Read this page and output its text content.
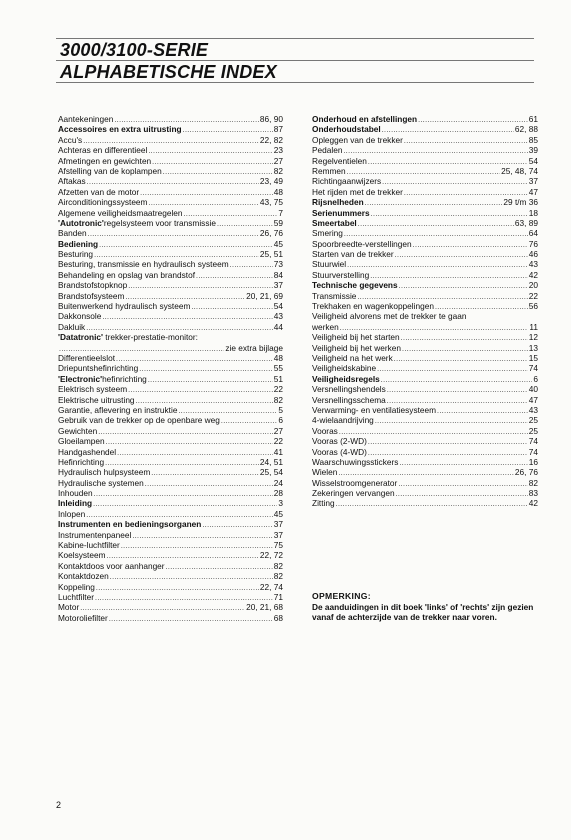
3000/3100-SERIE
ALPHABETISCHE INDEX
Aantekeningen .....	86, 90
Accessoires en extra uitrusting .....	87
Accu's .....	22, 82
Achteras en differentieel .....	23
Afmetingen en gewichten .....	27
Afstelling van de koplampen .....	82
Aftakas .....	23, 49
Afzetten van de motor .....	48
Airconditioningssysteem .....	43, 75
Algemene veiligheidsmaatregelen .....	7
'Autotronic' regelsysteem voor transmissie .....	59
Banden .....	26, 76
Bediening .....	45
Besturing .....	25, 51
Besturing, transmissie en hydraulisch systeem .....	73
Behandeling en opslag van brandstof .....	84
Brandstofstopknop .....	37
Brandstofsysteem .....	20, 21, 69
Buitenwerkend hydraulisch systeem .....	54
Dakkonsole .....	43
Dakluik .....	44
'Datatronic' trekker-prestatie-monitor:
.....
zie extra bijlage
Differentieelslot .....	48
Driepuntshefinrichting .....	55
'Electronic' hefinrichting .....	51
Elektrisch systeem .....	22
Elektrische uitrusting .....	82
Garantie, aflevering en instruktie .....	5
Gebruik van de trekker op de openbare weg .....	6
Gewichten .....	27
Gloeilampen .....	22
Handgashendel .....	41
Hefinrichting .....	24, 51
Hydraulisch hulpsysteem .....	25, 54
Hydraulische systemen .....	24
Inhouden .....	28
Inleiding .....	3
Inlopen .....	45
Instrumenten en bedieningsorganen .....	37
Instrumentenpaneel .....	37
Kabine-luchtfilter .....	75
Koelsysteem .....	22, 72
Kontaktdoos voor aanhanger .....	82
Kontaktdozen .....	82
Koppeling .....	22, 74
Luchtfilter .....	71
Motor .....	20, 21, 68
Motoroliefilter .....	68
Onderhoud en afstellingen .....	61
Onderhoudstabel .....	62, 88
Opleggen van de trekker .....	85
Pedalen .....	39
Regelventielen .....	54
Remmen .....	25, 48, 74
Richtingaanwijzers .....	37
Het rijden met de trekker .....	47
Rijsnelheden .....	29 t/m 36
Serienummers .....	18
Smeertabel .....	63, 89
Smering .....	64
Spoorbreedte-verstellingen .....	76
Starten van de trekker .....	46
Stuurwiel .....	43
Stuurverstelling .....	42
Technische gegevens .....	20
Transmissie .....	22
Trekhaken en wagenkoppelingen .....	56
Veiligheid alvorens met de trekker te gaan
werken .....	11
Veiligheid bij het starten .....	12
Veiligheid bij het werken .....	13
Veiligheid na het werk .....	15
Veiligheidskabine .....	74
Veiligheidsregels .....	6
Versnellingshendels .....	40
Versnellingsschema .....	47
Verwarming- en ventilatiesysteem .....	43
4-wielaandrijving .....	25
Vooras .....	25
Vooras (2-WD) .....	74
Vooras (4-WD) .....	74
Waarschuwingsstickers .....	16
Wielen .....	26, 76
Wisselstroomgenerator .....	82
Zekeringen vervangen .....	83
Zitting .....	42
OPMERKING:
De aanduidingen in dit boek 'links' of 'rechts' zijn gezien vanaf de achterzijde van de trekker naar voren.
2
